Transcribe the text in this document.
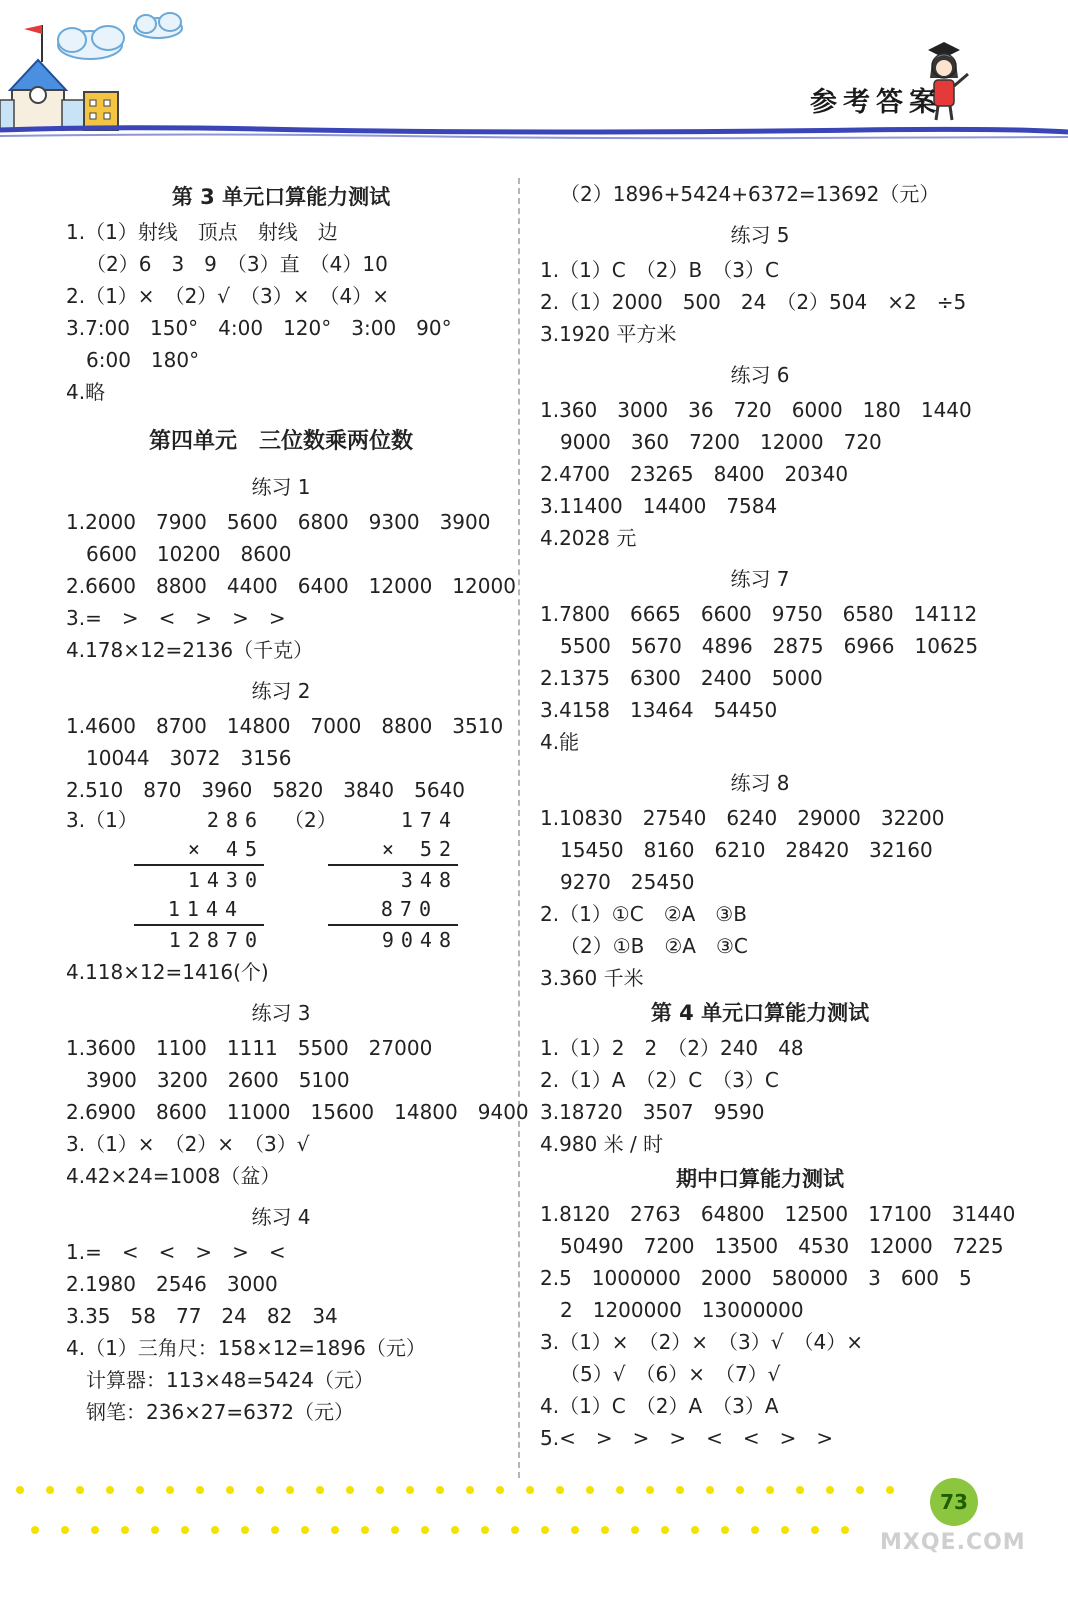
参考答案
第 3 单元口算能力测试
1.（1）射线　顶点　射线　边
（2）6　3　9　（3）直　（4）10
2.（1）×　（2）√　（3）×　（4）×
3.7:00　150°　4:00　120°　3:00　90°
6:00　180°
4.略
第四单元　三位数乘两位数
练习 1
1.2000　7900　5600　6800　9300　3900
6600　10200　8600
2.6600　8800　4400　6400　12000　12000
3.=　>　<　>　>　>
4.178×12=2136（千克）
练习 2
1.4600　8700　14800　7000　8800　3510
10044　3072　3156
2.510　870　3960　5820　3840　5640
3.（1）	（2）
286
× 45
1430
1144
12870
174
× 52
348
870
9048
4.118×12=1416(个)
练习 3
1.3600　1100　1111　5500　27000
3900　3200　2600　5100
2.6900　8600　11000　15600　14800　9400
3.（1）×　（2）×　（3）√
4.42×24=1008（盆）
练习 4
1.=　<　<　>　>　<
2.1980　2546　3000
3.35　58　77　24　82　34
4.（1）三角尺：158×12=1896（元）
计算器：113×48=5424（元）
钢笔：236×27=6372（元）
（2）1896+5424+6372=13692（元）
练习 5
1.（1）C　（2）B　（3）C
2.（1）2000　500　24　（2）504　×2　÷5
3.1920 平方米
练习 6
1.360　3000　36　720　6000　180　1440
9000　360　7200　12000　720
2.4700　23265　8400　20340
3.11400　14400　7584
4.2028 元
练习 7
1.7800　6665　6600　9750　6580　14112
5500　5670　4896　2875　6966　10625
2.1375　6300　2400　5000
3.4158　13464　54450
4.能
练习 8
1.10830　27540　6240　29000　32200
15450　8160　6210　28420　32160
9270　25450
2.（1）①C　②A　③B
（2）①B　②A　③C
3.360 千米
第 4 单元口算能力测试
1.（1）2　2　（2）240　48
2.（1）A　（2）C　（3）C
3.18720　3507　9590
4.980 米 / 时
期中口算能力测试
1.8120　2763　64800　12500　17100　31440
50490　7200　13500　4530　12000　7225
2.5　1000000　2000　580000　3　600　5
2　1200000　13000000
3.（1）×　（2）×　（3）√　（4）×
（5）√　（6）×　（7）√
4.（1）C　（2）A　（3）A
5.<　>　>　>　<　<　>　>
73
MXQE.COM
